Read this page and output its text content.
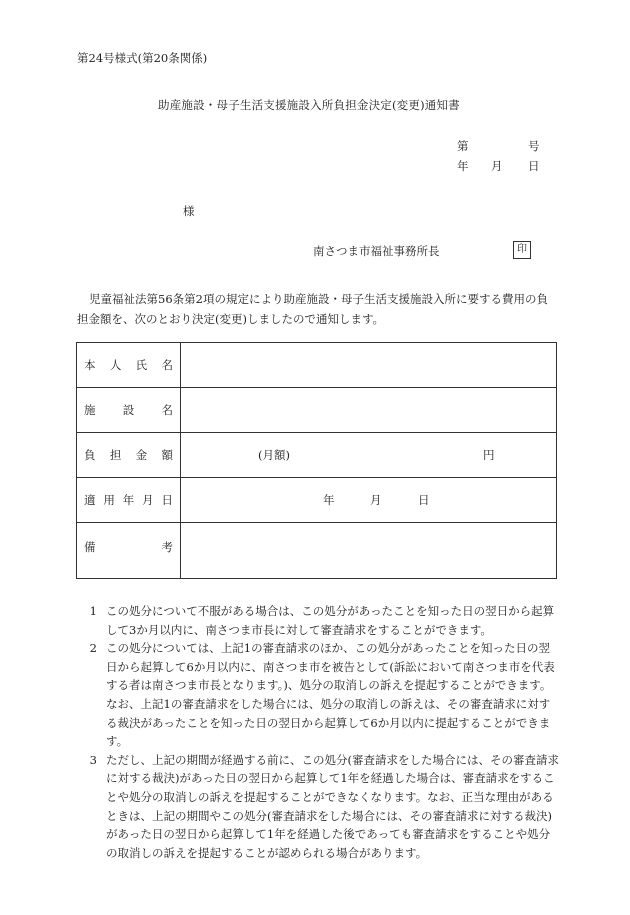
第24号様式(第20条関係)
助産施設・母子生活支援施設入所負担金決定(変更)通知書
第	号
年 月 日
様
南さつま市福祉事務所長	印
児童福祉法第56条第2項の規定により助産施設・母子生活支援施設入所に要する費用の負担金額を、次のとおり決定(変更)しましたので通知します。
本 人 氏 名	

施 設 名	

負 担 金 額	(月額) 円

適 用 年 月 日	年 月 日

備 考	

1 この処分について不服がある場合は、この処分があったことを知った日の翌日から起算して3か月以内に、南さつま市長に対して審査請求をすることができます。
2 この処分については、上記1の審査請求のほか、この処分があったことを知った日の翌日から起算して6か月以内に、南さつま市を被告として(訴訟において南さつま市を代表する者は南さつま市長となります。)、処分の取消しの訴えを提起することができます。なお、上記1の審査請求をした場合には、処分の取消しの訴えは、その審査請求に対する裁決があったことを知った日の翌日から起算して6か月以内に提起することができます。
3 ただし、上記の期間が経過する前に、この処分(審査請求をした場合には、その審査請求に対する裁決)があった日の翌日から起算して1年を経過した場合は、審査請求をすることや処分の取消しの訴えを提起することができなくなります。なお、正当な理由があるときは、上記の期間やこの処分(審査請求をした場合には、その審査請求に対する裁決)があった日の翌日から起算して1年を経過した後であっても審査請求をすることや処分の取消しの訴えを提起することが認められる場合があります。
